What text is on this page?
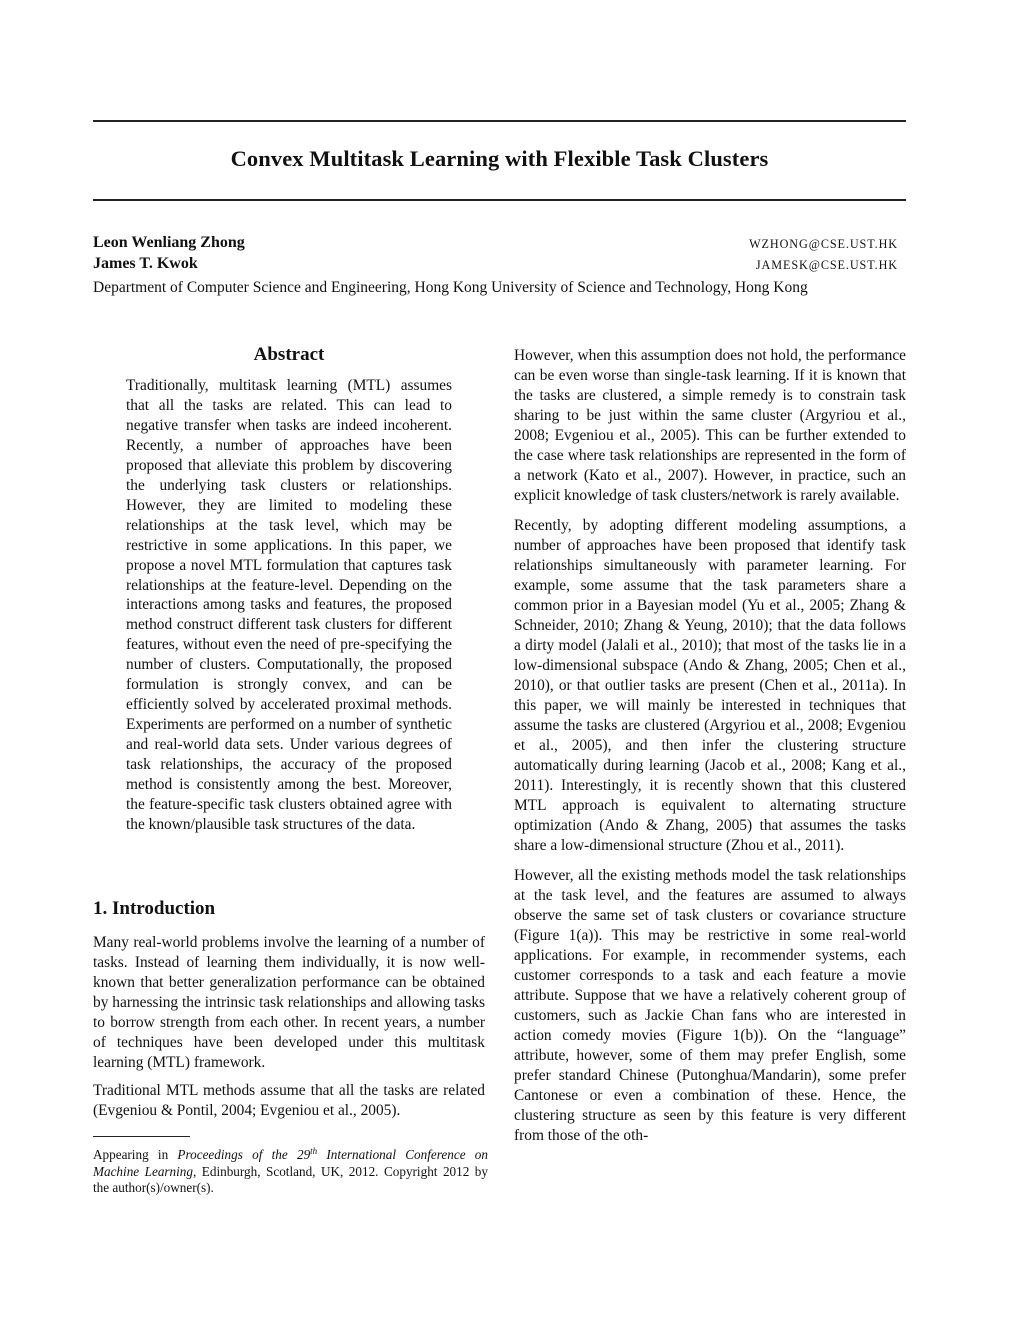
Convex Multitask Learning with Flexible Task Clusters
Leon Wenliang Zhong	WZHONG@CSE.UST.HK
James T. Kwok	JAMESK@CSE.UST.HK
Department of Computer Science and Engineering, Hong Kong University of Science and Technology, Hong Kong
Abstract

Traditionally, multitask learning (MTL) assumes that all the tasks are related. This can lead to negative transfer when tasks are indeed incoherent. Recently, a number of approaches have been proposed that alleviate this problem by discovering the underlying task clusters or relationships. However, they are limited to modeling these relationships at the task level, which may be restrictive in some applications. In this paper, we propose a novel MTL formulation that captures task relationships at the feature-level. Depending on the interactions among tasks and features, the proposed method construct different task clusters for different features, without even the need of pre-specifying the number of clusters. Computationally, the proposed formulation is strongly convex, and can be efficiently solved by accelerated proximal methods. Experiments are performed on a number of synthetic and real-world data sets. Under various degrees of task relationships, the accuracy of the proposed method is consistently among the best. Moreover, the feature-specific task clusters obtained agree with the known/plausible task structures of the data.

1. Introduction

Many real-world problems involve the learning of a number of tasks. Instead of learning them individually, it is now well-known that better generalization performance can be obtained by harnessing the intrinsic task relationships and allowing tasks to borrow strength from each other. In recent years, a number of techniques have been developed under this multitask learning (MTL) framework.

Traditional MTL methods assume that all the tasks are related (Evgeniou & Pontil, 2004; Evgeniou et al., 2005).

Appearing in Proceedings of the 29th International Conference on Machine Learning, Edinburgh, Scotland, UK, 2012. Copyright 2012 by the author(s)/owner(s).

However, when this assumption does not hold, the performance can be even worse than single-task learning. If it is known that the tasks are clustered, a simple remedy is to constrain task sharing to be just within the same cluster (Argyriou et al., 2008; Evgeniou et al., 2005). This can be further extended to the case where task relationships are represented in the form of a network (Kato et al., 2007). However, in practice, such an explicit knowledge of task clusters/network is rarely available.

Recently, by adopting different modeling assumptions, a number of approaches have been proposed that identify task relationships simultaneously with parameter learning. For example, some assume that the task parameters share a common prior in a Bayesian model (Yu et al., 2005; Zhang & Schneider, 2010; Zhang & Yeung, 2010); that the data follows a dirty model (Jalali et al., 2010); that most of the tasks lie in a low-dimensional subspace (Ando & Zhang, 2005; Chen et al., 2010), or that outlier tasks are present (Chen et al., 2011a). In this paper, we will mainly be interested in techniques that assume the tasks are clustered (Argyriou et al., 2008; Evgeniou et al., 2005), and then infer the clustering structure automatically during learning (Jacob et al., 2008; Kang et al., 2011). Interestingly, it is recently shown that this clustered MTL approach is equivalent to alternating structure optimization (Ando & Zhang, 2005) that assumes the tasks share a low-dimensional structure (Zhou et al., 2011).

However, all the existing methods model the task relationships at the task level, and the features are assumed to always observe the same set of task clusters or covariance structure (Figure 1(a)). This may be restrictive in some real-world applications. For example, in recommender systems, each customer corresponds to a task and each feature a movie attribute. Suppose that we have a relatively coherent group of customers, such as Jackie Chan fans who are interested in action comedy movies (Figure 1(b)). On the “language” attribute, however, some of them may prefer English, some prefer standard Chinese (Putonghua/Mandarin), some prefer Cantonese or even a combination of these. Hence, the clustering structure as seen by this feature is very different from those of the oth-
